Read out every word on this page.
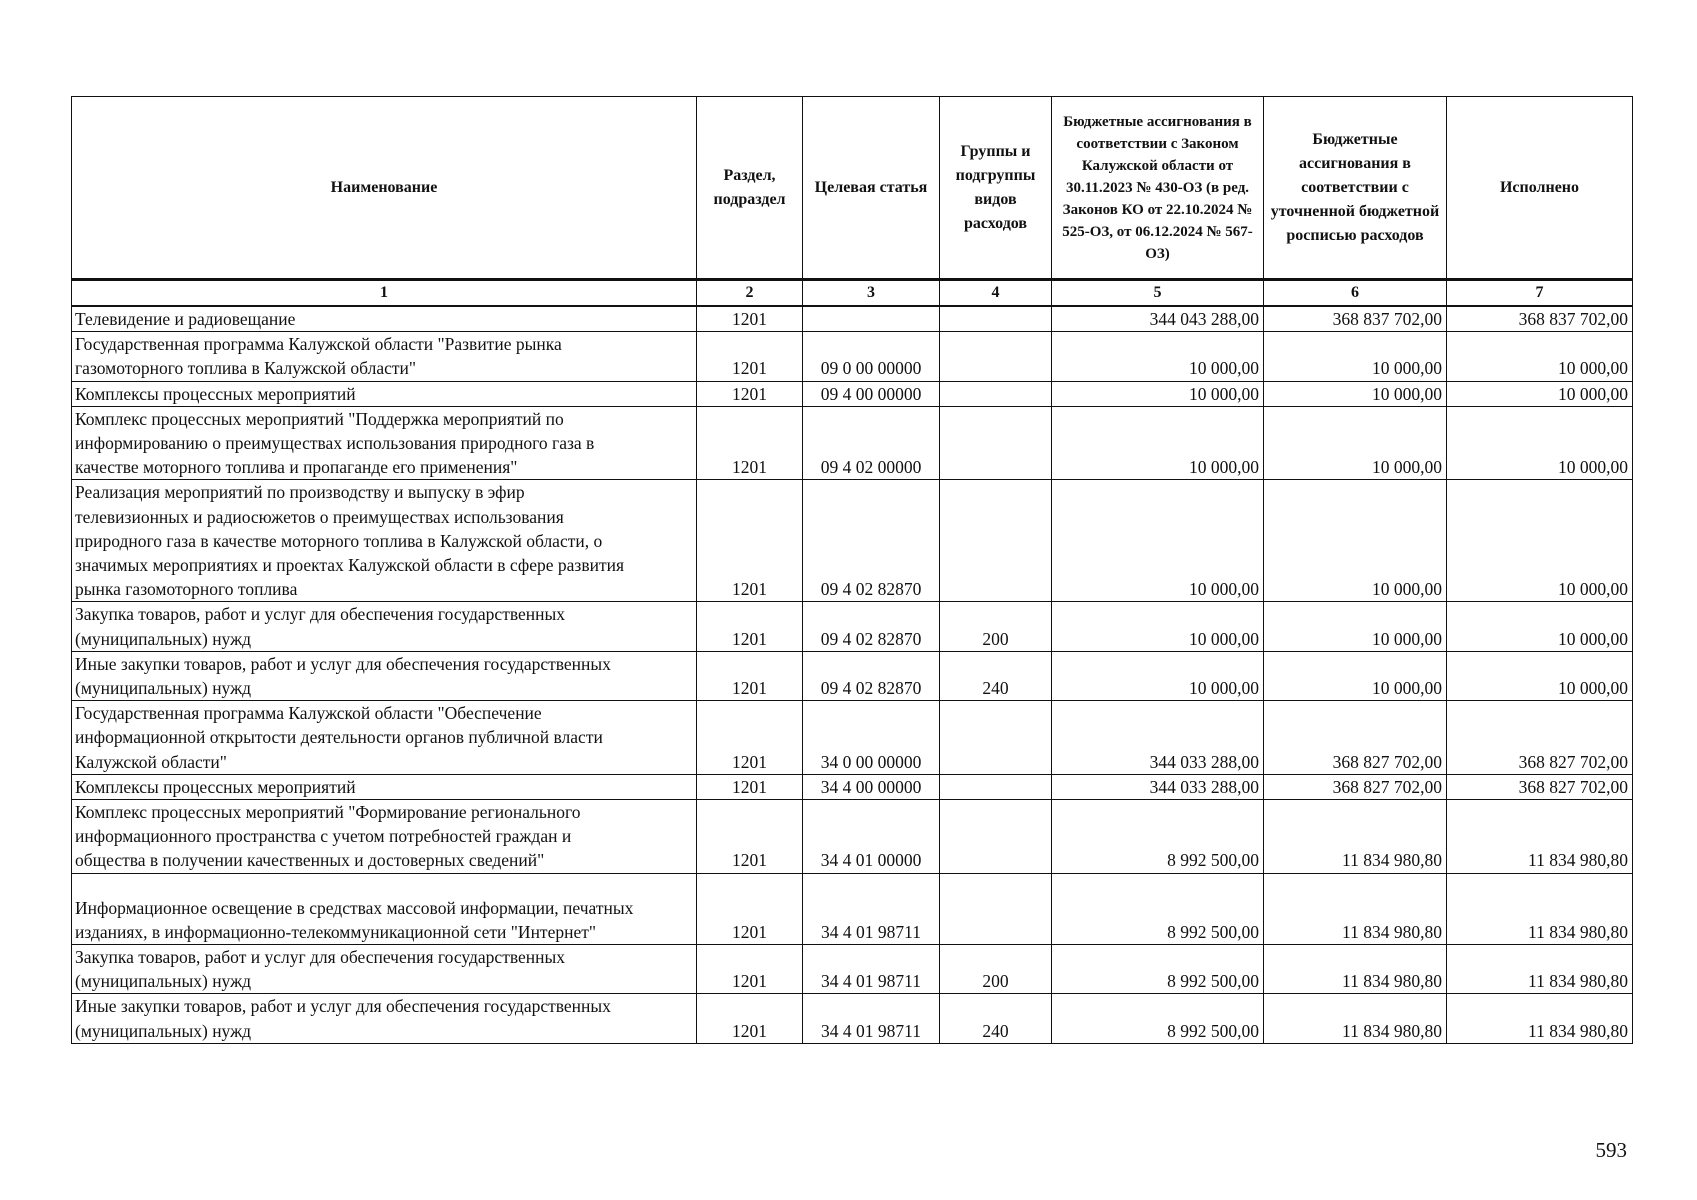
Наименование	Раздел, подраздел	Целевая статья	Группы и подгруппы видов расходов	Бюджетные ассигнования в соответствии с Законом Калужской области от 30.11.2023 № 430-ОЗ (в ред. Законов КО от 22.10.2024 № 525-ОЗ, от 06.12.2024 № 567-ОЗ)	Бюджетные ассигнования в соответствии с уточненной бюджетной росписью расходов	Исполнено
1	2	3	4	5	6	7
Телевидение и радиовещание	1201			344 043 288,00	368 837 702,00	368 837 702,00
Государственная программа Калужской области "Развитие рынка
газомоторного топлива в Калужской области"	1201	09 0 00 00000		10 000,00	10 000,00	10 000,00
Комплексы процессных мероприятий	1201	09 4 00 00000		10 000,00	10 000,00	10 000,00
Комплекс процессных мероприятий "Поддержка мероприятий по
информированию о преимуществах использования природного газа в
качестве моторного топлива и пропаганде его применения"	1201	09 4 02 00000		10 000,00	10 000,00	10 000,00
Реализация мероприятий по производству и выпуску в эфир
телевизионных и радиосюжетов о преимуществах использования
природного газа в качестве моторного топлива в Калужской области, о
значимых мероприятиях и проектах Калужской области в сфере развития
рынка газомоторного топлива	1201	09 4 02 82870		10 000,00	10 000,00	10 000,00
Закупка товаров, работ и услуг для обеспечения государственных
(муниципальных) нужд	1201	09 4 02 82870	200	10 000,00	10 000,00	10 000,00
Иные закупки товаров, работ и услуг для обеспечения государственных
(муниципальных) нужд	1201	09 4 02 82870	240	10 000,00	10 000,00	10 000,00
Государственная программа Калужской области "Обеспечение
информационной открытости деятельности органов публичной власти
Калужской области"	1201	34 0 00 00000		344 033 288,00	368 827 702,00	368 827 702,00
Комплексы процессных мероприятий	1201	34 4 00 00000		344 033 288,00	368 827 702,00	368 827 702,00
Комплекс процессных мероприятий "Формирование регионального
информационного пространства с учетом потребностей граждан и
общества в получении качественных и достоверных сведений"	1201	34 4 01 00000		8 992 500,00	11 834 980,80	11 834 980,80
Информационное освещение в средствах массовой информации, печатных
изданиях, в информационно-телекоммуникационной сети "Интернет"	1201	34 4 01 98711		8 992 500,00	11 834 980,80	11 834 980,80
Закупка товаров, работ и услуг для обеспечения государственных
(муниципальных) нужд	1201	34 4 01 98711	200	8 992 500,00	11 834 980,80	11 834 980,80
Иные закупки товаров, работ и услуг для обеспечения государственных
(муниципальных) нужд	1201	34 4 01 98711	240	8 992 500,00	11 834 980,80	11 834 980,80
593
